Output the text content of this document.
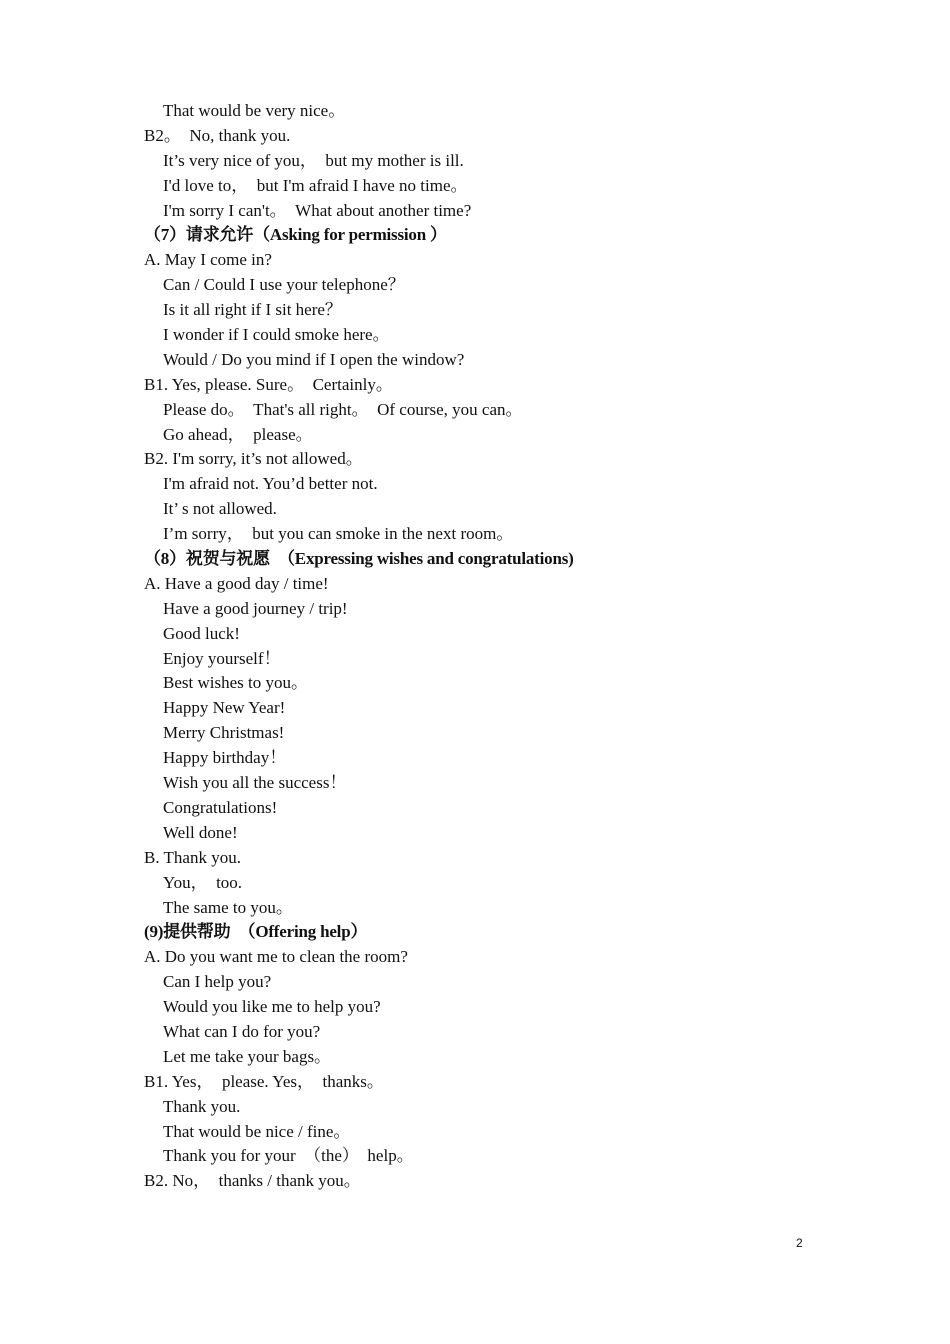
That would be very nice。
B2。  No, thank you.
It’s very nice of you，  but my mother is ill.
I'd love to，  but I'm afraid I have no time。
I'm sorry I can't。  What about another time?
（7）请求允许（Asking for permission ）
A. May I come in?
Can / Could I use your telephone？
Is it all right if I sit here？
I wonder if I could smoke here。
Would / Do you mind if I open the window?
B1. Yes, please. Sure。  Certainly。
Please do。  That's all right。  Of course, you can。
Go ahead，  please。
B2. I'm sorry, it’s not allowed。
I'm afraid not. You’d better not.
It’ s not allowed.
I’m sorry，  but you can smoke in the next room。
（8）祝贺与祝愿  （Expressing wishes and congratulations)
A. Have a good day / time!
Have a good journey / trip!
Good luck!
Enjoy yourself！
Best wishes to you。
Happy New Year!
Merry Christmas!
Happy birthday！
Wish you all the success！
Congratulations!
Well done!
B. Thank you.
You，  too.
The same to you。
(9)提供帮助  （Offering help）
A. Do you want me to clean the room?
Can I help you?
Would you like me to help you?
What can I do for you?
Let me take your bags。
B1. Yes，  please. Yes，  thanks。
Thank you.
That would be nice / fine。
Thank you for your  （the）  help。
B2. No，  thanks / thank you。
2
